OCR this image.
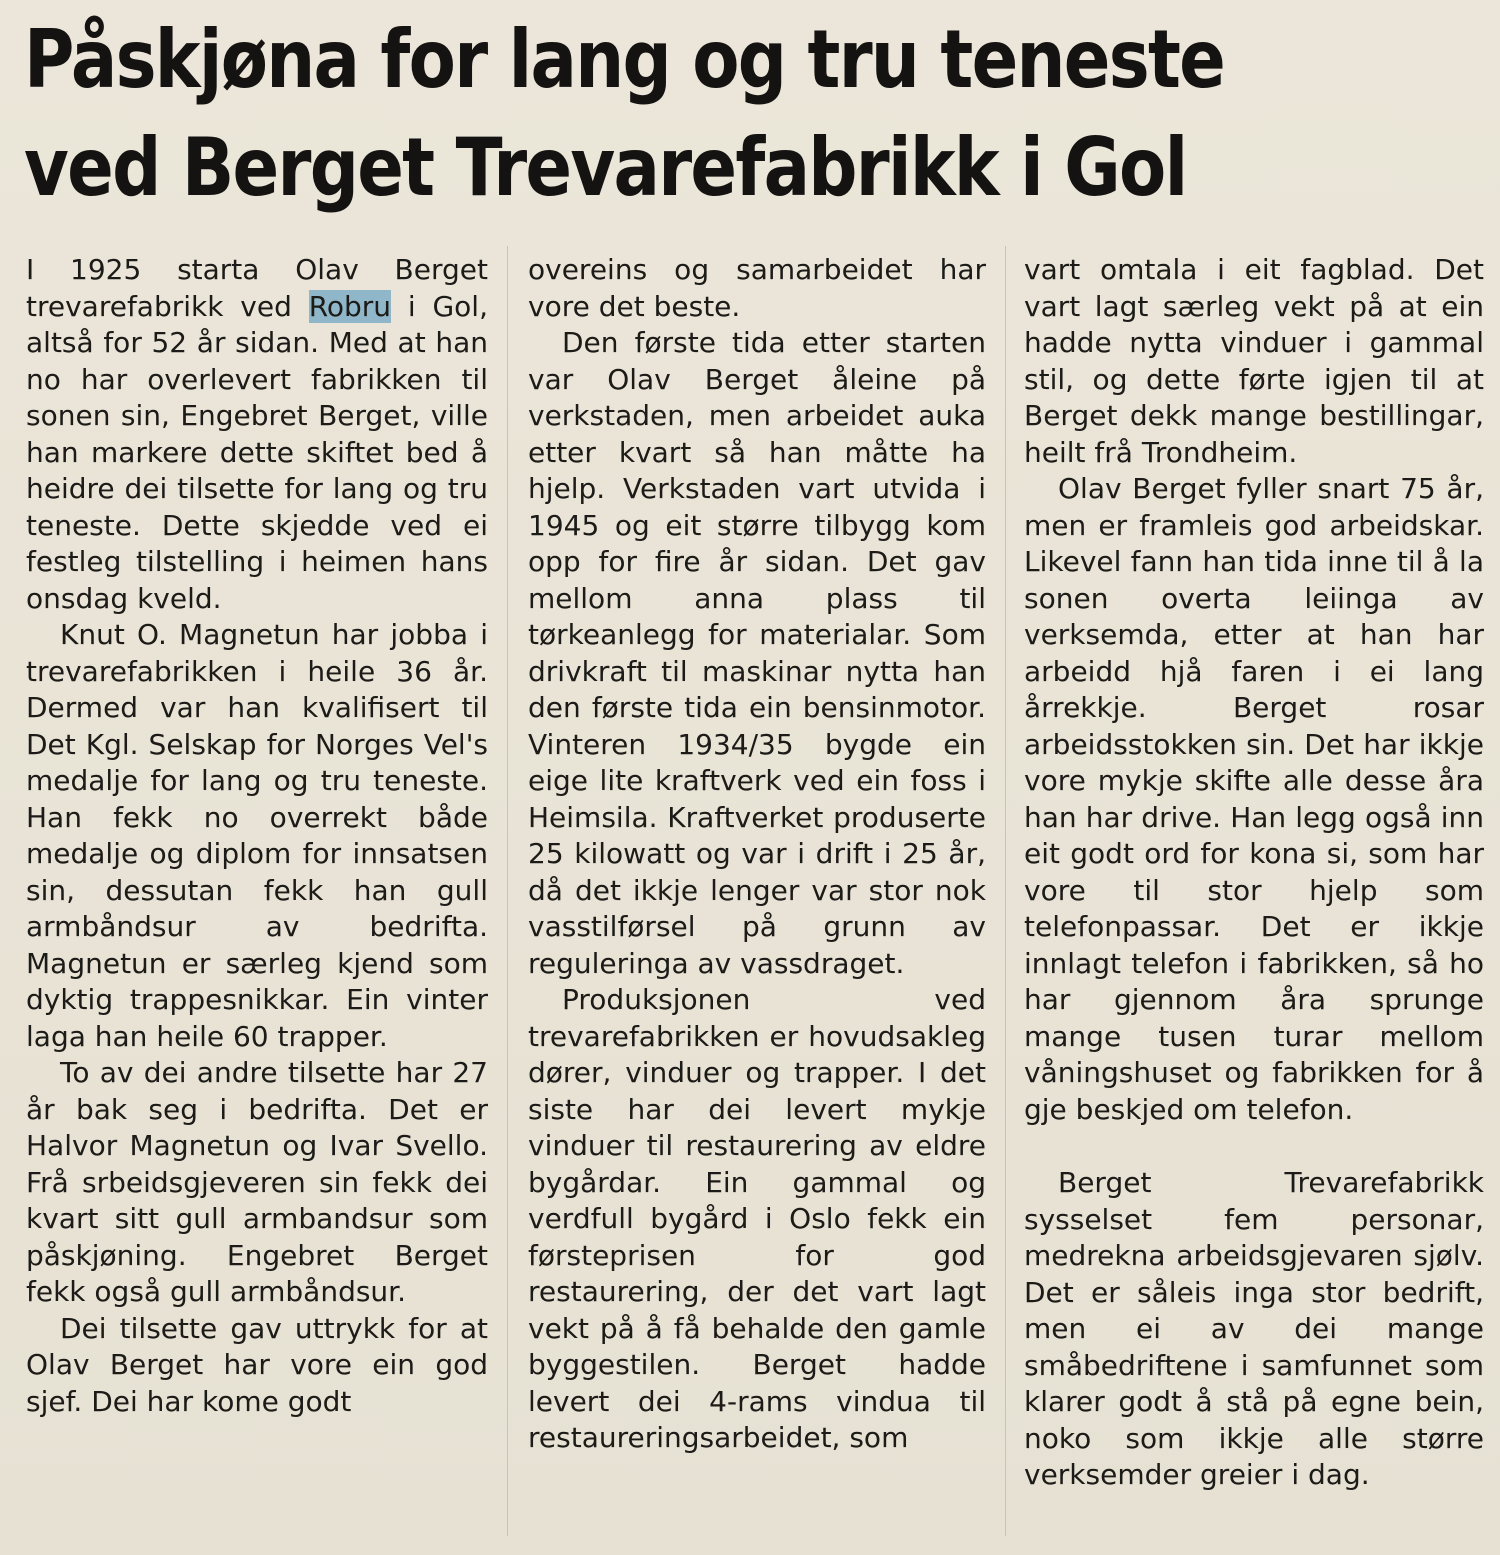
Påskjøna for lang og tru teneste
ved Berget Trevarefabrikk i Gol

I 1925 starta Olav Berget trevarefabrikk ved Robru i Gol, altså for 52 år sidan. Med at han no har overlevert fabrikken til sonen sin, Engebret Berget, ville han markere dette skiftet bed å heidre dei tilsette for lang og tru teneste. Dette skjedde ved ei festleg tilstelling i heimen hans onsdag kveld.

Knut O. Magnetun har jobba i trevarefabrikken i heile 36 år. Dermed var han kvalifisert til Det Kgl. Selskap for Norges Vel's medalje for lang og tru teneste. Han fekk no overrekt både medalje og diplom for innsatsen sin, dessutan fekk han gull armbåndsur av bedrifta. Magnetun er særleg kjend som dyktig trappesnikkar. Ein vinter laga han heile 60 trapper.

To av dei andre tilsette har 27 år bak seg i bedrifta. Det er Halvor Magnetun og Ivar Svello. Frå srbeidsgjeveren sin fekk dei kvart sitt gull armbandsur som påskjøning. Engebret Berget fekk også gull armbåndsur.

Dei tilsette gav uttrykk for at Olav Berget har vore ein god sjef. Dei har kome godt

overeins og samarbeidet har vore det beste.

Den første tida etter starten var Olav Berget åleine på verkstaden, men arbeidet auka etter kvart så han måtte ha hjelp. Verkstaden vart utvida i 1945 og eit større tilbygg kom opp for fire år sidan. Det gav mellom anna plass til tørkeanlegg for materialar. Som drivkraft til maskinar nytta han den første tida ein bensinmotor. Vinteren 1934/35 bygde ein eige lite kraftverk ved ein foss i Heimsila. Kraftverket produserte 25 kilowatt og var i drift i 25 år, då det ikkje lenger var stor nok vasstilførsel på grunn av reguleringa av vassdraget.

Produksjonen ved trevarefabrikken er hovudsakleg dører, vinduer og trapper. I det siste har dei levert mykje vinduer til restaurering av eldre bygårdar. Ein gammal og verdfull bygård i Oslo fekk ein førsteprisen for god restaurering, der det vart lagt vekt på å få behalde den gamle byggestilen. Berget hadde levert dei 4-rams vindua til restaureringsarbeidet, som

vart omtala i eit fagblad. Det vart lagt særleg vekt på at ein hadde nytta vinduer i gammal stil, og dette førte igjen til at Berget dekk mange bestillingar, heilt frå Trondheim.

Olav Berget fyller snart 75 år, men er framleis god arbeidskar. Likevel fann han tida inne til å la sonen overta leiinga av verksemda, etter at han har arbeidd hjå faren i ei lang årrekkje. Berget rosar arbeidsstokken sin. Det har ikkje vore mykje skifte alle desse åra han har drive. Han legg også inn eit godt ord for kona si, som har vore til stor hjelp som telefonpassar. Det er ikkje innlagt telefon i fabrikken, så ho har gjennom åra sprunge mange tusen turar mellom våningshuset og fabrikken for å gje beskjed om telefon.

Berget Trevarefabrikk sysselset fem personar, medrekna arbeidsgjevaren sjølv. Det er såleis inga stor bedrift, men ei av dei mange småbedriftene i samfunnet som klarer godt å stå på egne bein, noko som ikkje alle større verksemder greier i dag.
